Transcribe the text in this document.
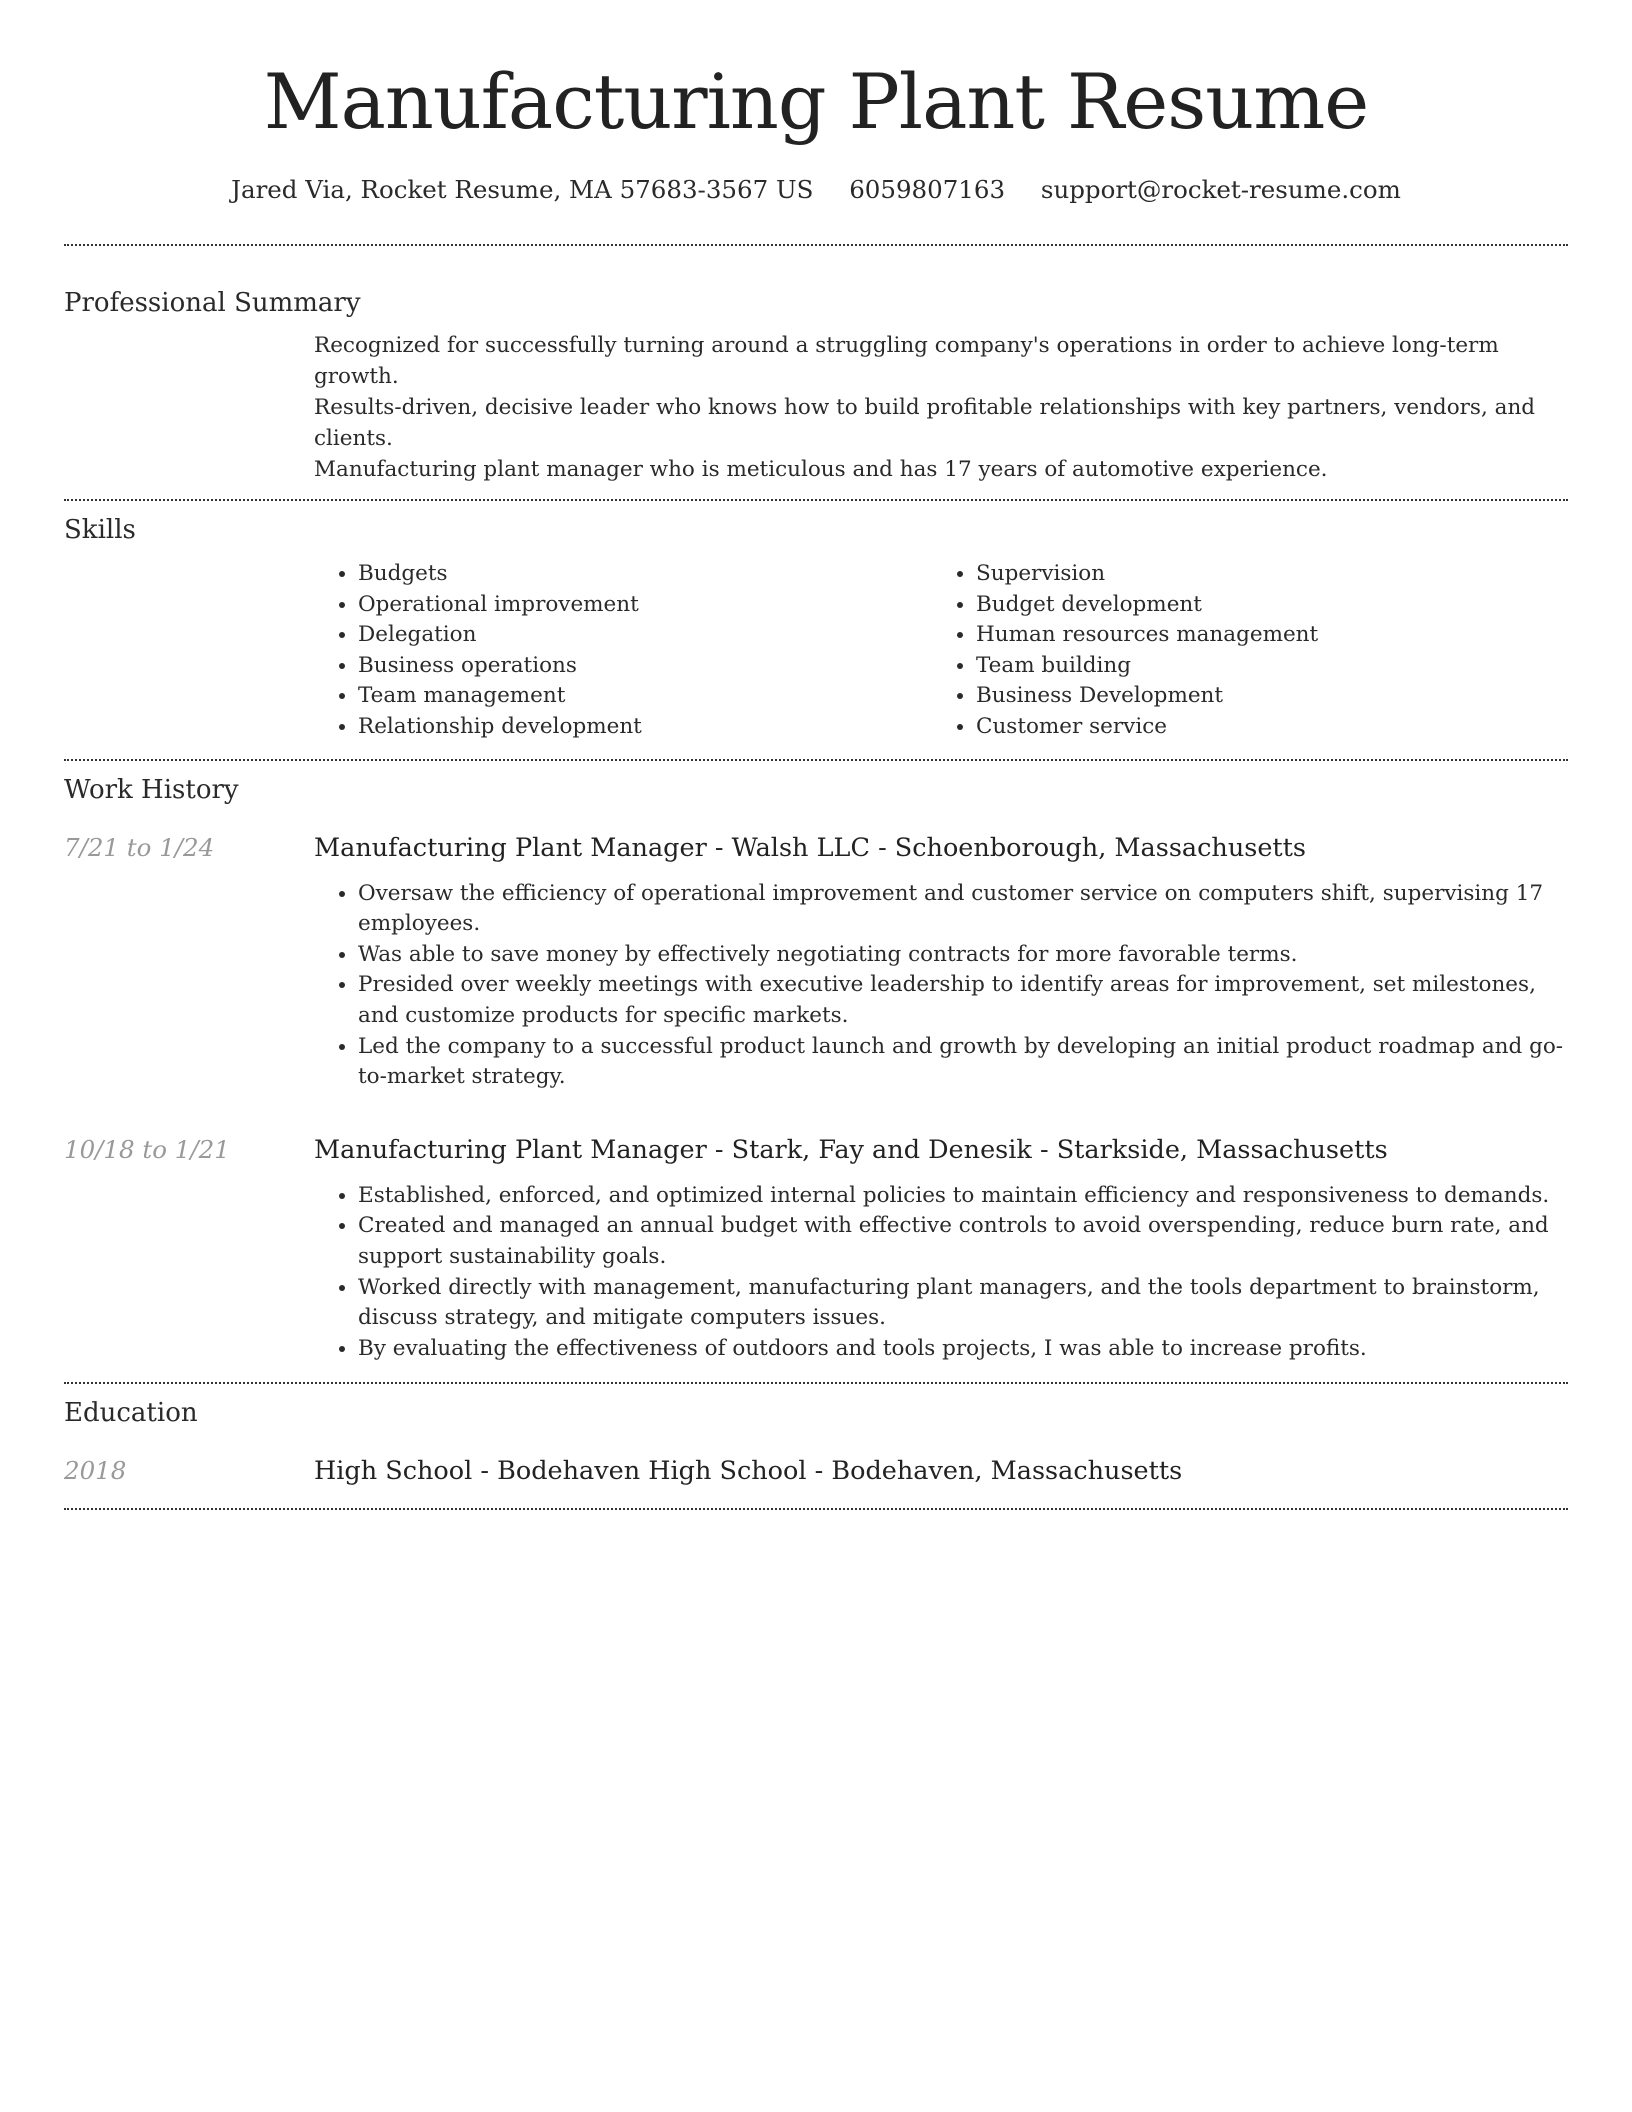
Manufacturing Plant Resume
Jared Via, Rocket Resume, MA 57683-3567 US 6059807163 support@rocket-resume.com
Professional Summary

Recognized for successfully turning around a struggling company's operations in order to achieve long-term growth.

Results-driven, decisive leader who knows how to build profitable relationships with key partners, vendors, and clients.

Manufacturing plant manager who is meticulous and has 17 years of automotive experience.

Skills
• Budgets
• Operational improvement
• Delegation
• Business operations
• Team management
• Relationship development
• Supervision
• Budget development
• Human resources management
• Team building
• Business Development
• Customer service
Work History
7/21 to 1/24	Manufacturing Plant Manager - Walsh LLC - Schoenborough, Massachusetts
• Oversaw the efficiency of operational improvement and customer service on computers shift, supervising 17 employees.
• Was able to save money by effectively negotiating contracts for more favorable terms.
• Presided over weekly meetings with executive leadership to identify areas for improvement, set milestones, and customize products for specific markets.
• Led the company to a successful product launch and growth by developing an initial product roadmap and go-to-market strategy.
10/18 to 1/21	Manufacturing Plant Manager - Stark, Fay and Denesik - Starkside, Massachusetts
• Established, enforced, and optimized internal policies to maintain efficiency and responsiveness to demands.
• Created and managed an annual budget with effective controls to avoid overspending, reduce burn rate, and support sustainability goals.
• Worked directly with management, manufacturing plant managers, and the tools department to brainstorm, discuss strategy, and mitigate computers issues.
• By evaluating the effectiveness of outdoors and tools projects, I was able to increase profits.
Education
2018	High School - Bodehaven High School - Bodehaven, Massachusetts
